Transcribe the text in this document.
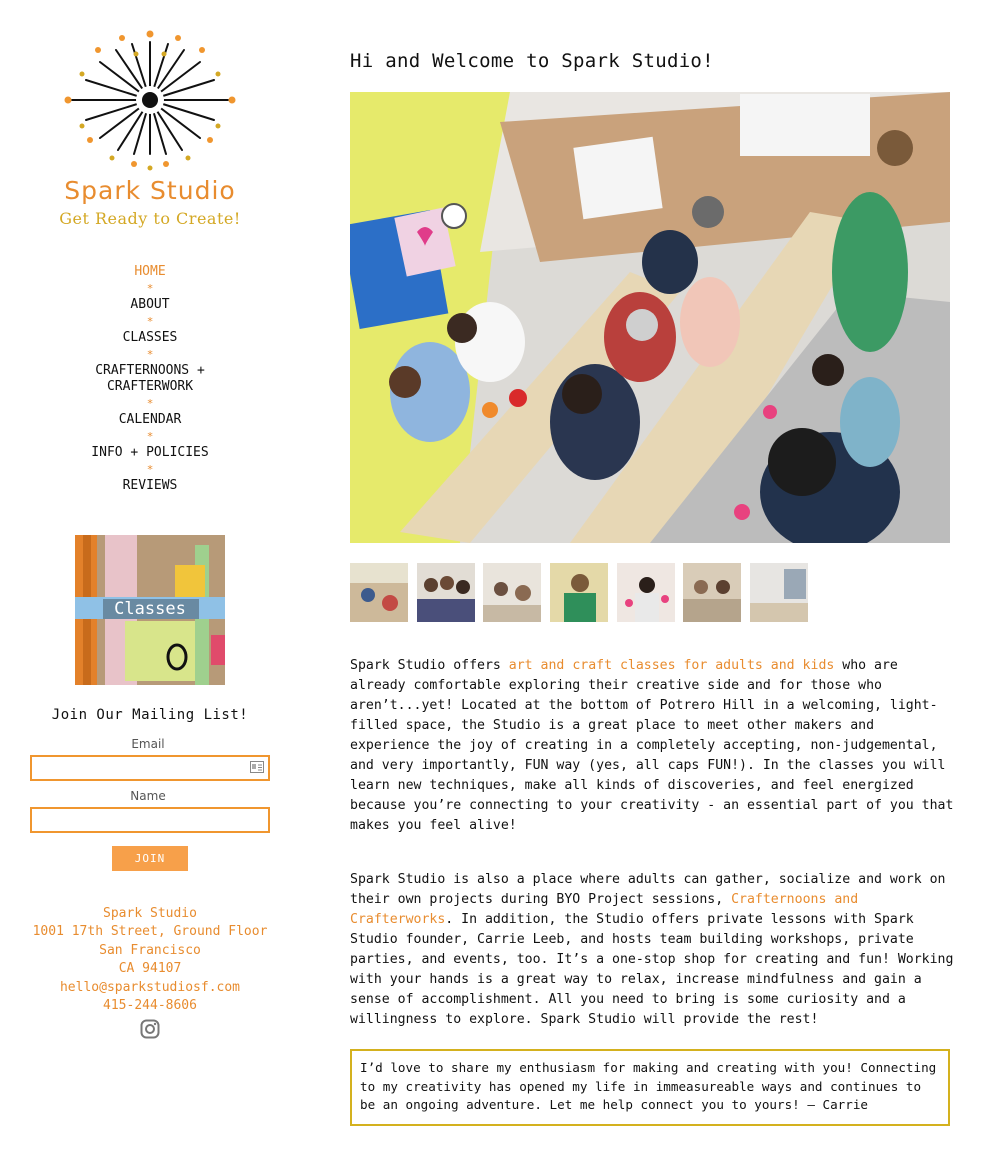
Spark Studio
Get Ready to Create!
HOME
*
ABOUT
*
CLASSES
*
CRAFTERNOONS +
CRAFTERWORK
*
CALENDAR
*
INFO + POLICIES
*
REVIEWS
Classes
Join Our Mailing List!
Email
Name
JOIN
Spark Studio
1001 17th Street, Ground Floor
San Francisco
CA 94107
hello@sparkstudiosf.com
415-244-8606
Hi and Welcome to Spark Studio!

Spark Studio offers art and craft classes for adults and kids who are already comfortable exploring their creative side and for those who aren’t...yet! Located at the bottom of Potrero Hill in a welcoming, light-filled space, the Studio is a great place to meet other makers and experience the joy of creating in a completely accepting, non-judgemental, and very importantly, FUN way (yes, all caps FUN!). In the classes you will learn new techniques, make all kinds of discoveries, and feel energized because you’re connecting to your creativity - an essential part of you that makes you feel alive!

Spark Studio is also a place where adults can gather, socialize and work on their own projects during BYO Project sessions, Crafternoons and Crafterworks. In addition, the Studio offers private lessons with Spark Studio founder, Carrie Leeb, and hosts team building workshops, private parties, and events, too. It’s a one-stop shop for creating and fun! Working with your hands is a great way to relax, increase mindfulness and gain a sense of accomplishment. All you need to bring is some curiosity and a willingness to explore. Spark Studio will provide the rest!

I’d love to share my enthusiasm for making and creating with you! Connecting to my creativity has opened my life in immeasureable ways and continues to be an ongoing adventure. Let me help connect you to yours! — Carrie
